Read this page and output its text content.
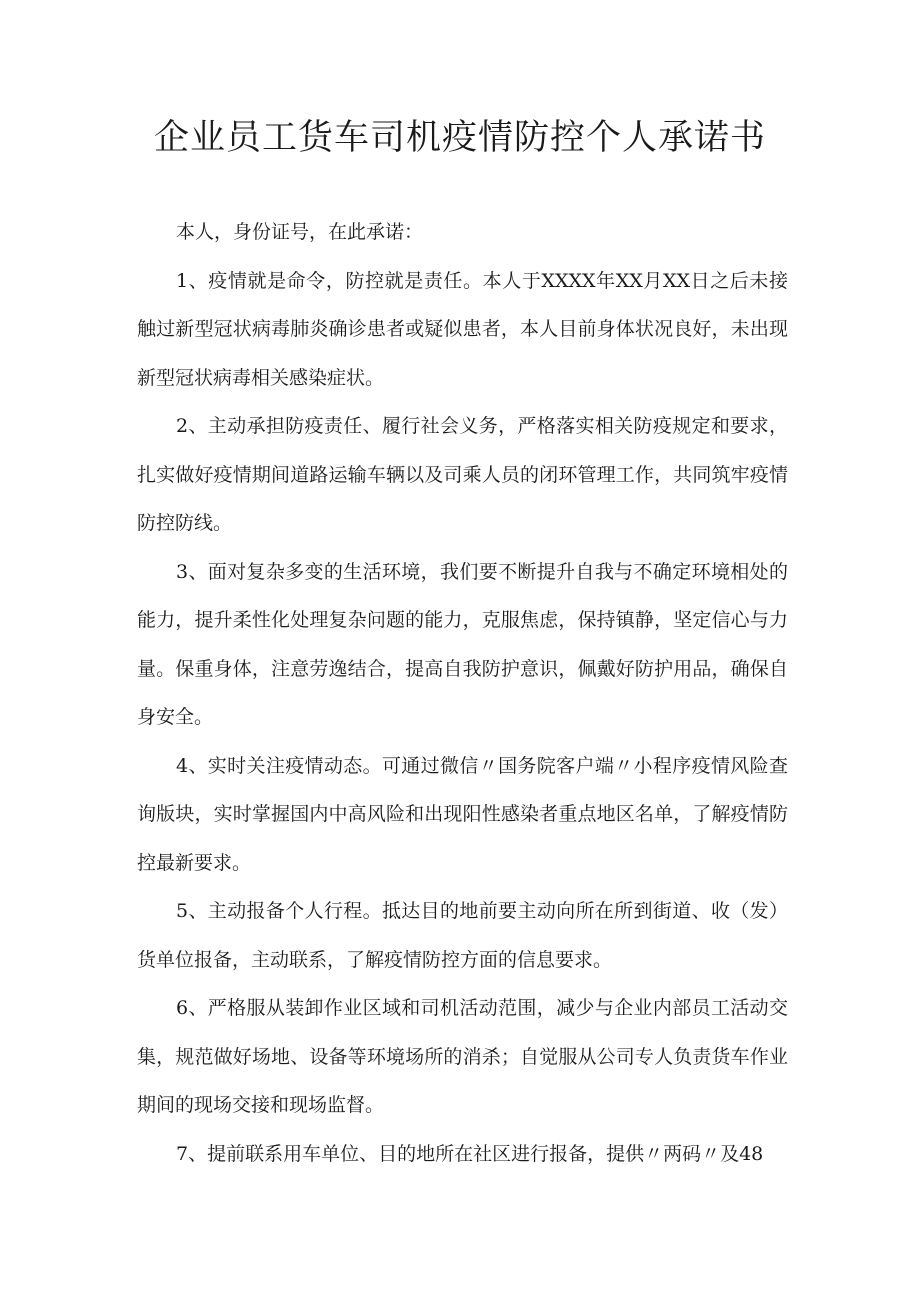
企业员工货车司机疫情防控个人承诺书

本人，身份证号，在此承诺：

1、疫情就是命令，防控就是责任。本人于XXXX年XX月XX日之后未接触过新型冠状病毒肺炎确诊患者或疑似患者，本人目前身体状况良好，未出现新型冠状病毒相关感染症状。

2、主动承担防疫责任、履行社会义务，严格落实相关防疫规定和要求，扎实做好疫情期间道路运输车辆以及司乘人员的闭环管理工作，共同筑牢疫情防控防线。

3、面对复杂多变的生活环境，我们要不断提升自我与不确定环境相处的能力，提升柔性化处理复杂问题的能力，克服焦虑，保持镇静，坚定信心与力量。保重身体，注意劳逸结合，提高自我防护意识，佩戴好防护用品，确保自身安全。

4、实时关注疫情动态。可通过微信〃国务院客户端〃小程序疫情风险查询版块，实时掌握国内中高风险和出现阳性感染者重点地区名单，了解疫情防控最新要求。

5、主动报备个人行程。抵达目的地前要主动向所在所到街道、收（发）货单位报备，主动联系，了解疫情防控方面的信息要求。

6、严格服从装卸作业区域和司机活动范围，减少与企业内部员工活动交集，规范做好场地、设备等环境场所的消杀；自觉服从公司专人负责货车作业期间的现场交接和现场监督。

7、提前联系用车单位、目的地所在社区进行报备，提供〃两码〃及48
